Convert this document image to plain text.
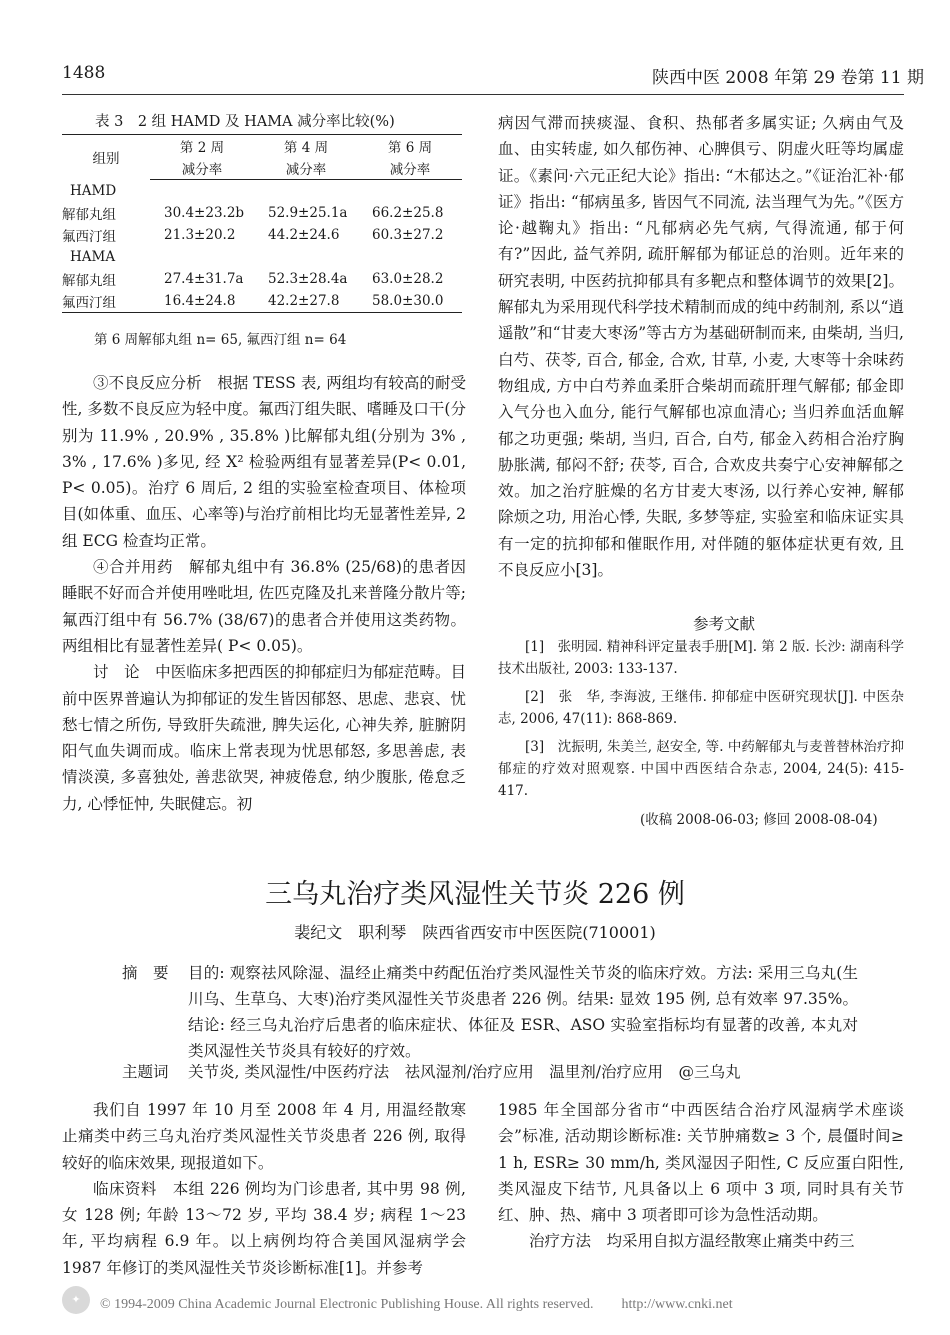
1488	陕西中医 2008 年第 29 卷第 11 期
表 3　2 组 HAMD 及 HAMA 减分率比较(%)
组别	第 2 周	第 4 周	第 6 周
	减分率	减分率	减分率
HAMD			
解郁丸组	30.4±23.2b	52.9±25.1a	66.2±25.8
氟西汀组	21.3±20.2	44.2±24.6	60.3±27.2
HAMA			
解郁丸组	27.4±31.7a	52.3±28.4a	63.0±28.2
氟西汀组	16.4±24.8	42.2±27.8	58.0±30.0
第 6 周解郁丸组 n= 65, 氟西汀组 n= 64

③不良反应分析　根据 TESS 表, 两组均有较高的耐受性, 多数不良反应为轻中度。氟西汀组失眠、嗜睡及口干(分别为 11.9% , 20.9% , 35.8% )比解郁丸组(分别为 3% , 3% , 17.6% )多见, 经 X² 检验两组有显著差异(P< 0.01, P< 0.05)。治疗 6 周后, 2 组的实验室检查项目、体检项目(如体重、血压、心率等)与治疗前相比均无显著性差异, 2 组 ECG 检查均正常。

④合并用药　解郁丸组中有 36.8% (25/68)的患者因睡眠不好而合并使用唑吡坦, 佐匹克隆及扎来普隆分散片等; 氟西汀组中有 56.7% (38/67)的患者合并使用这类药物。两组相比有显著性差异( P< 0.05)。

讨　论　中医临床多把西医的抑郁症归为郁症范畴。目前中医界普遍认为抑郁证的发生皆因郁怒、思虑、悲哀、忧愁七情之所伤, 导致肝失疏泄, 脾失运化, 心神失养, 脏腑阴阳气血失调而成。临床上常表现为忧思郁怒, 多思善虑, 表情淡漠, 多喜独处, 善悲欲哭, 神疲倦怠, 纳少腹胀, 倦怠乏力, 心悸怔忡, 失眠健忘。初

病因气滞而挟痰湿、食积、热郁者多属实证; 久病由气及血、由实转虚, 如久郁伤神、心脾俱亏、阴虚火旺等均属虚证。《素问·六元正纪大论》指出: “木郁达之。”《证治汇补·郁证》指出: “郁病虽多, 皆因气不同流, 法当理气为先。”《医方论·越鞠丸》指出: “凡郁病必先气病, 气得流通, 郁于何有?”因此, 益气养阴, 疏肝解郁为郁证总的治则。近年来的研究表明, 中医药抗抑郁具有多靶点和整体调节的效果[2]。解郁丸为采用现代科学技术精制而成的纯中药制剂, 系以“逍遥散”和“甘麦大枣汤”等古方为基础研制而来, 由柴胡, 当归, 白芍、茯苓, 百合, 郁金, 合欢, 甘草, 小麦, 大枣等十余味药物组成, 方中白芍养血柔肝合柴胡而疏肝理气解郁; 郁金即入气分也入血分, 能行气解郁也凉血清心; 当归养血活血解郁之功更强; 柴胡, 当归, 百合, 白芍, 郁金入药相合治疗胸胁胀满, 郁闷不舒; 茯苓, 百合, 合欢皮共奏宁心安神解郁之效。加之治疗脏燥的名方甘麦大枣汤, 以行养心安神, 解郁除烦之功, 用治心悸, 失眠, 多梦等症, 实验室和临床证实具有一定的抗抑郁和催眠作用, 对伴随的躯体症状更有效, 且不良反应小[3]。

参考文献

[1]　张明园. 精神科评定量表手册[M]. 第 2 版. 长沙: 湖南科学技术出版社, 2003: 133-137.

[2]　张　华, 李海波, 王继伟. 抑郁症中医研究现状[J]. 中医杂志, 2006, 47(11): 868-869.

[3]　沈振明, 朱美兰, 赵安全, 等. 中药解郁丸与麦普替林治疗抑郁症的疗效对照观察. 中国中西医结合杂志, 2004, 24(5): 415-417.

(收稿 2008-06-03; 修回 2008-08-04)
三乌丸治疗类风湿性关节炎 226 例
裴纪文　职利琴　陕西省西安市中医医院(710001)
摘　要	目的: 观察祛风除湿、温经止痛类中药配伍治疗类风湿性关节炎的临床疗效。方法: 采用三乌丸(生川乌、生草乌、大枣)治疗类风湿性关节炎患者 226 例。结果: 显效 195 例, 总有效率 97.35%。结论: 经三乌丸治疗后患者的临床症状、体征及 ESR、ASO 实验室指标均有显著的改善, 本丸对类风湿性关节炎具有较好的疗效。
主题词 关节炎, 类风湿性/中医药疗法　祛风湿剂/治疗应用　温里剂/治疗应用　@三乌丸

我们自 1997 年 10 月至 2008 年 4 月, 用温经散寒止痛类中药三乌丸治疗类风湿性关节炎患者 226 例, 取得较好的临床效果, 现报道如下。

临床资料　本组 226 例均为门诊患者, 其中男 98 例, 女 128 例; 年龄 13～72 岁, 平均 38.4 岁; 病程 1～23 年, 平均病程 6.9 年。以上病例均符合美国风湿病学会 1987 年修订的类风湿性关节炎诊断标准[1]。并参考

1985 年全国部分省市“中西医结合治疗风湿病学术座谈会”标准, 活动期诊断标准: 关节肿痛数≥ 3 个, 晨僵时间≥ 1 h, ESR≥ 30 mm/h, 类风湿因子阳性, C 反应蛋白阳性, 类风湿皮下结节, 凡具备以上 6 项中 3 项, 同时具有关节红、肿、热、痛中 3 项者即可诊为急性活动期。

治疗方法　均采用自拟方温经散寒止痛类中药三

✦	© 1994-2009 China Academic Journal Electronic Publishing House. All rights reserved.　　http://www.cnki.net
